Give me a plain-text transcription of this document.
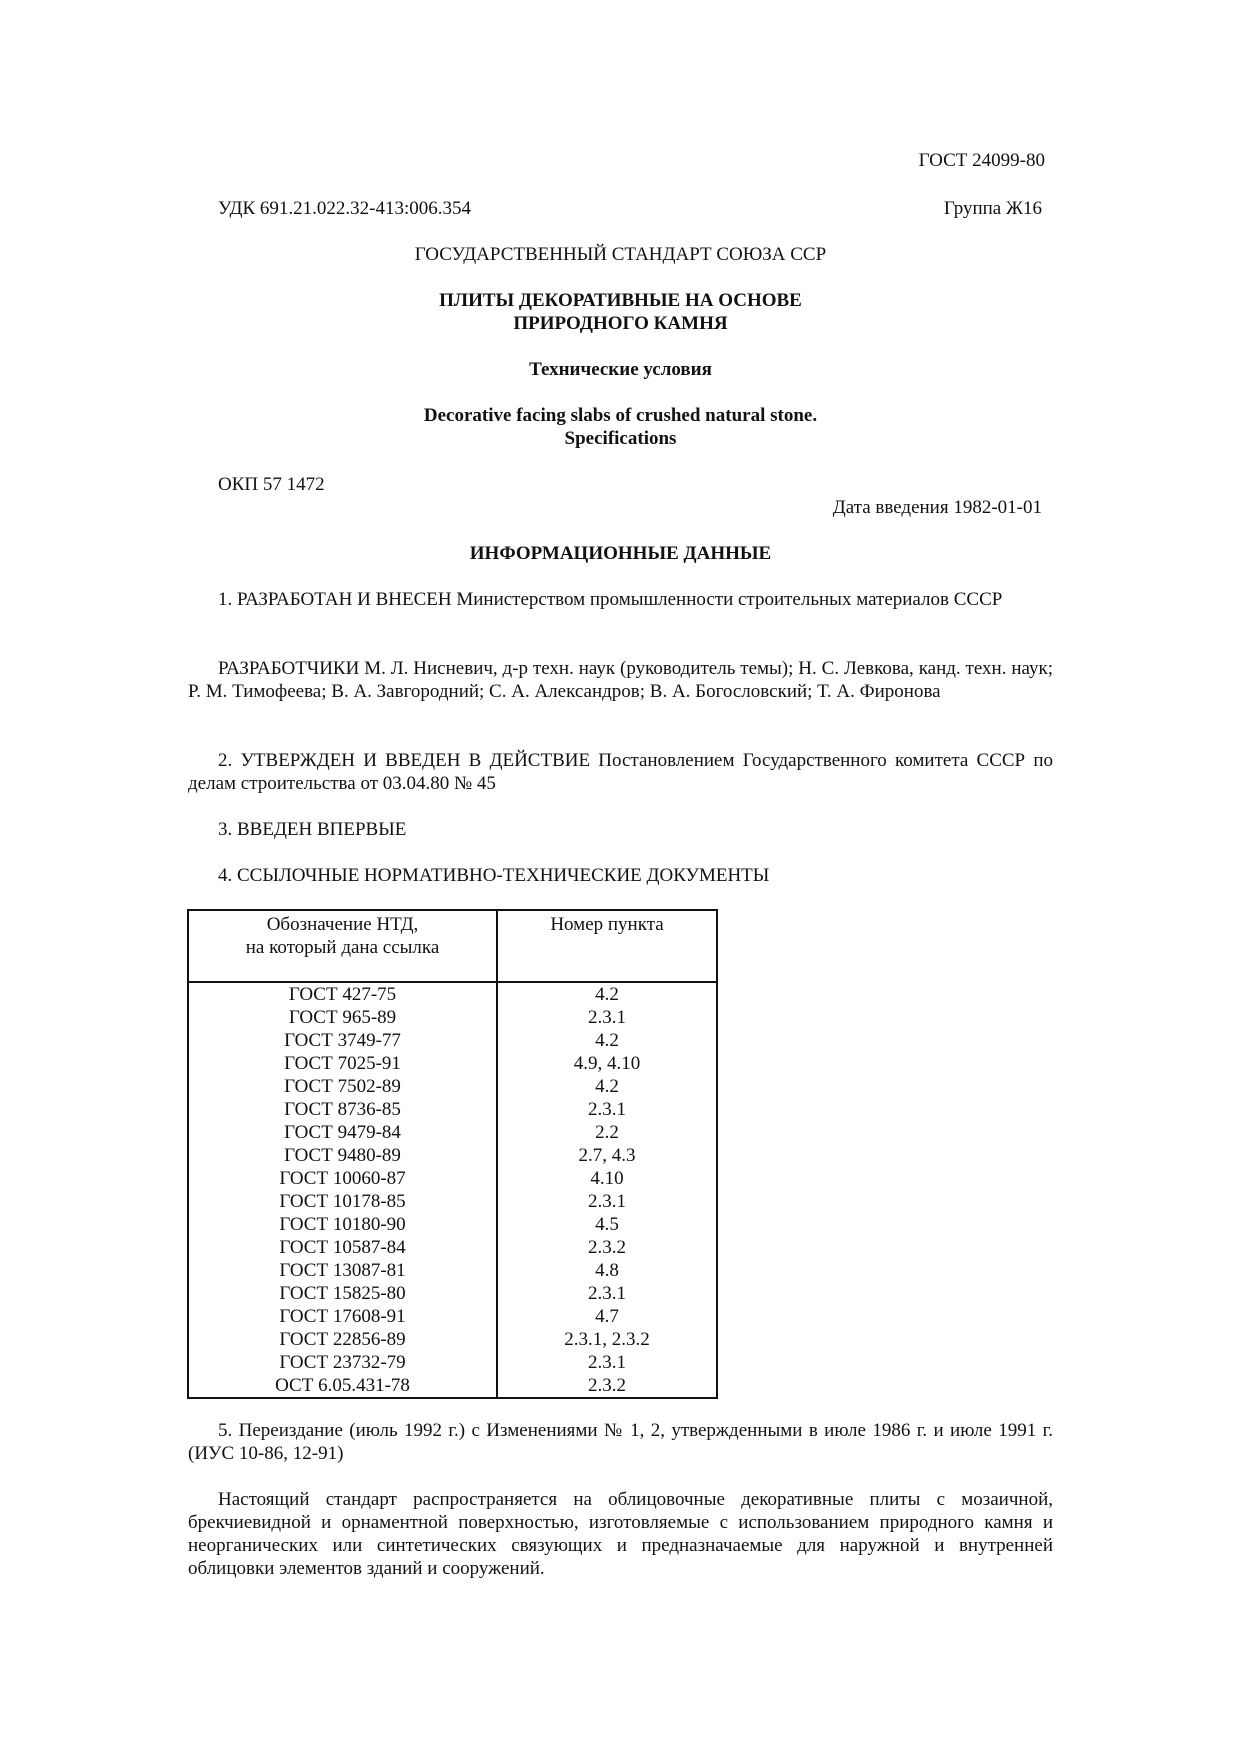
ГОСТ 24099-80
УДК 691.21.022.32-413:006.354	Группа Ж16
ГОСУДАРСТВЕННЫЙ СТАНДАРТ СОЮЗА ССР
ПЛИТЫ ДЕКОРАТИВНЫЕ НА ОСНОВЕ
ПРИРОДНОГО КАМНЯ
Технические условия
Decorative facing slabs of crushed natural stone.
Specifications
ОКП 57 1472
Дата введения 1982-01-01
ИНФОРМАЦИОННЫЕ ДАННЫЕ
1. РАЗРАБОТАН И ВНЕСЕН Министерством промышленности строительных материалов СССР
РАЗРАБОТЧИКИ М. Л. Нисневич, д-р техн. наук (руководитель темы); Н. С. Левкова, канд. техн. наук; Р. М. Тимофеева; В. А. Завгородний; С. А. Александров; В. А. Богословский; Т. А. Фиронова
2. УТВЕРЖДЕН И ВВЕДЕН В ДЕЙСТВИЕ Постановлением Государственного комитета СССР по делам строительства от 03.04.80 № 45
3. ВВЕДЕН ВПЕРВЫЕ
4. ССЫЛОЧНЫЕ НОРМАТИВНО-ТЕХНИЧЕСКИЕ ДОКУМЕНТЫ
Обозначение НТД,
на который дана ссылка	Номер пункта
ГОСТ 427-75	4.2
ГОСТ 965-89	2.3.1
ГОСТ 3749-77	4.2
ГОСТ 7025-91	4.9, 4.10
ГОСТ 7502-89	4.2
ГОСТ 8736-85	2.3.1
ГОСТ 9479-84	2.2
ГОСТ 9480-89	2.7, 4.3
ГОСТ 10060-87	4.10
ГОСТ 10178-85	2.3.1
ГОСТ 10180-90	4.5
ГОСТ 10587-84	2.3.2
ГОСТ 13087-81	4.8
ГОСТ 15825-80	2.3.1
ГОСТ 17608-91	4.7
ГОСТ 22856-89	2.3.1, 2.3.2
ГОСТ 23732-79	2.3.1
ОСТ 6.05.431-78	2.3.2
5. Переиздание (июль 1992 г.) с Изменениями № 1, 2, утвержденными в июле 1986 г. и июле 1991 г. (ИУС 10-86, 12-91)
Настоящий стандарт распространяется на облицовочные декоративные плиты с мозаичной, брекчиевидной и орнаментной поверхностью, изготовляемые с использованием природного камня и неорганических или синтетических связующих и предназначаемые для наружной и внутренней облицовки элементов зданий и сооружений.
